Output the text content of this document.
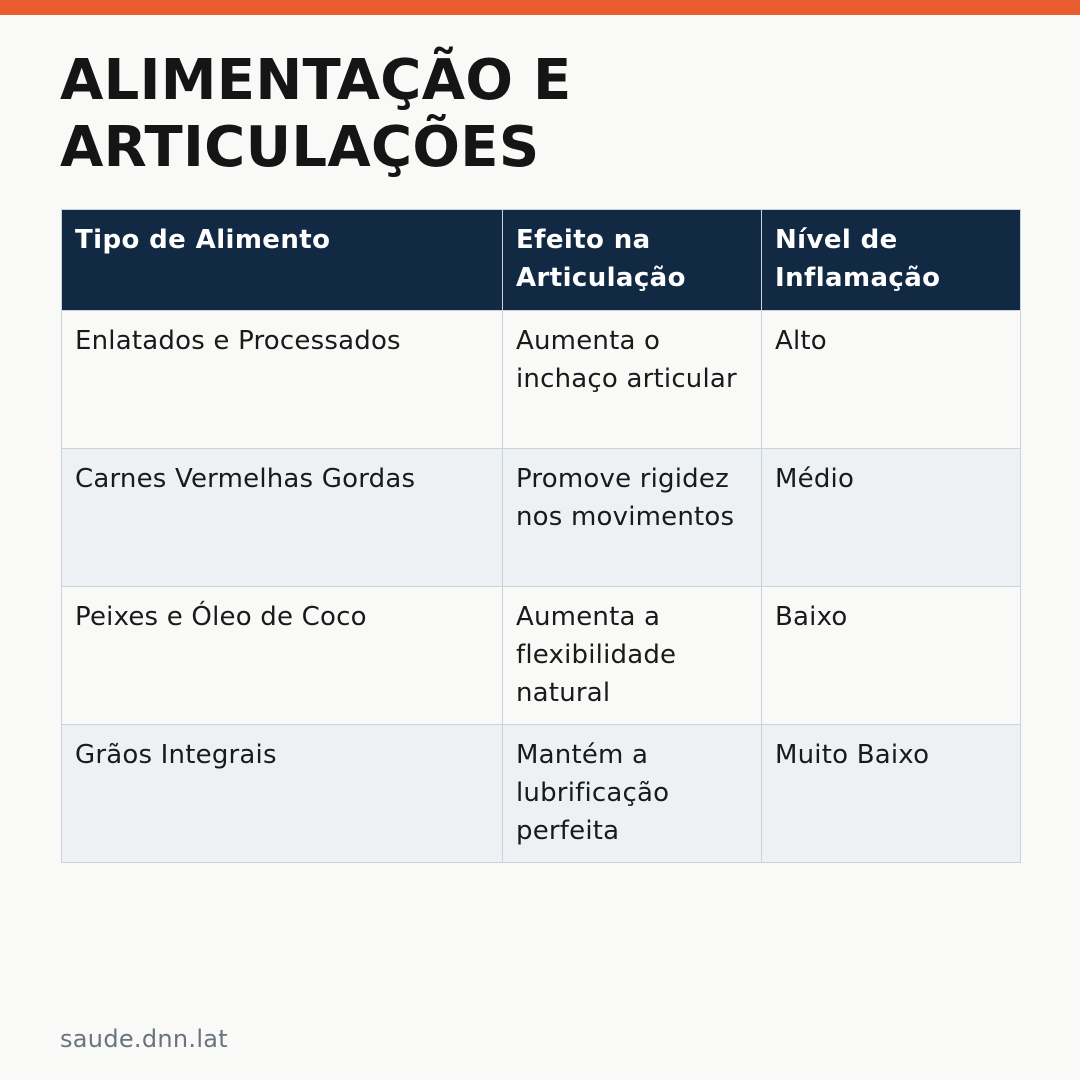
ALIMENTAÇÃO E ARTICULAÇÕES
Tipo de Alimento	Efeito na Articulação	Nível de Inflamação
Enlatados e Processados	Aumenta o inchaço articular	Alto
Carnes Vermelhas Gordas	Promove rigidez nos movimentos	Médio
Peixes e Óleo de Coco	Aumenta a flexibilidade natural	Baixo
Grãos Integrais	Mantém a lubrificação perfeita	Muito Baixo
saude.dnn.lat
